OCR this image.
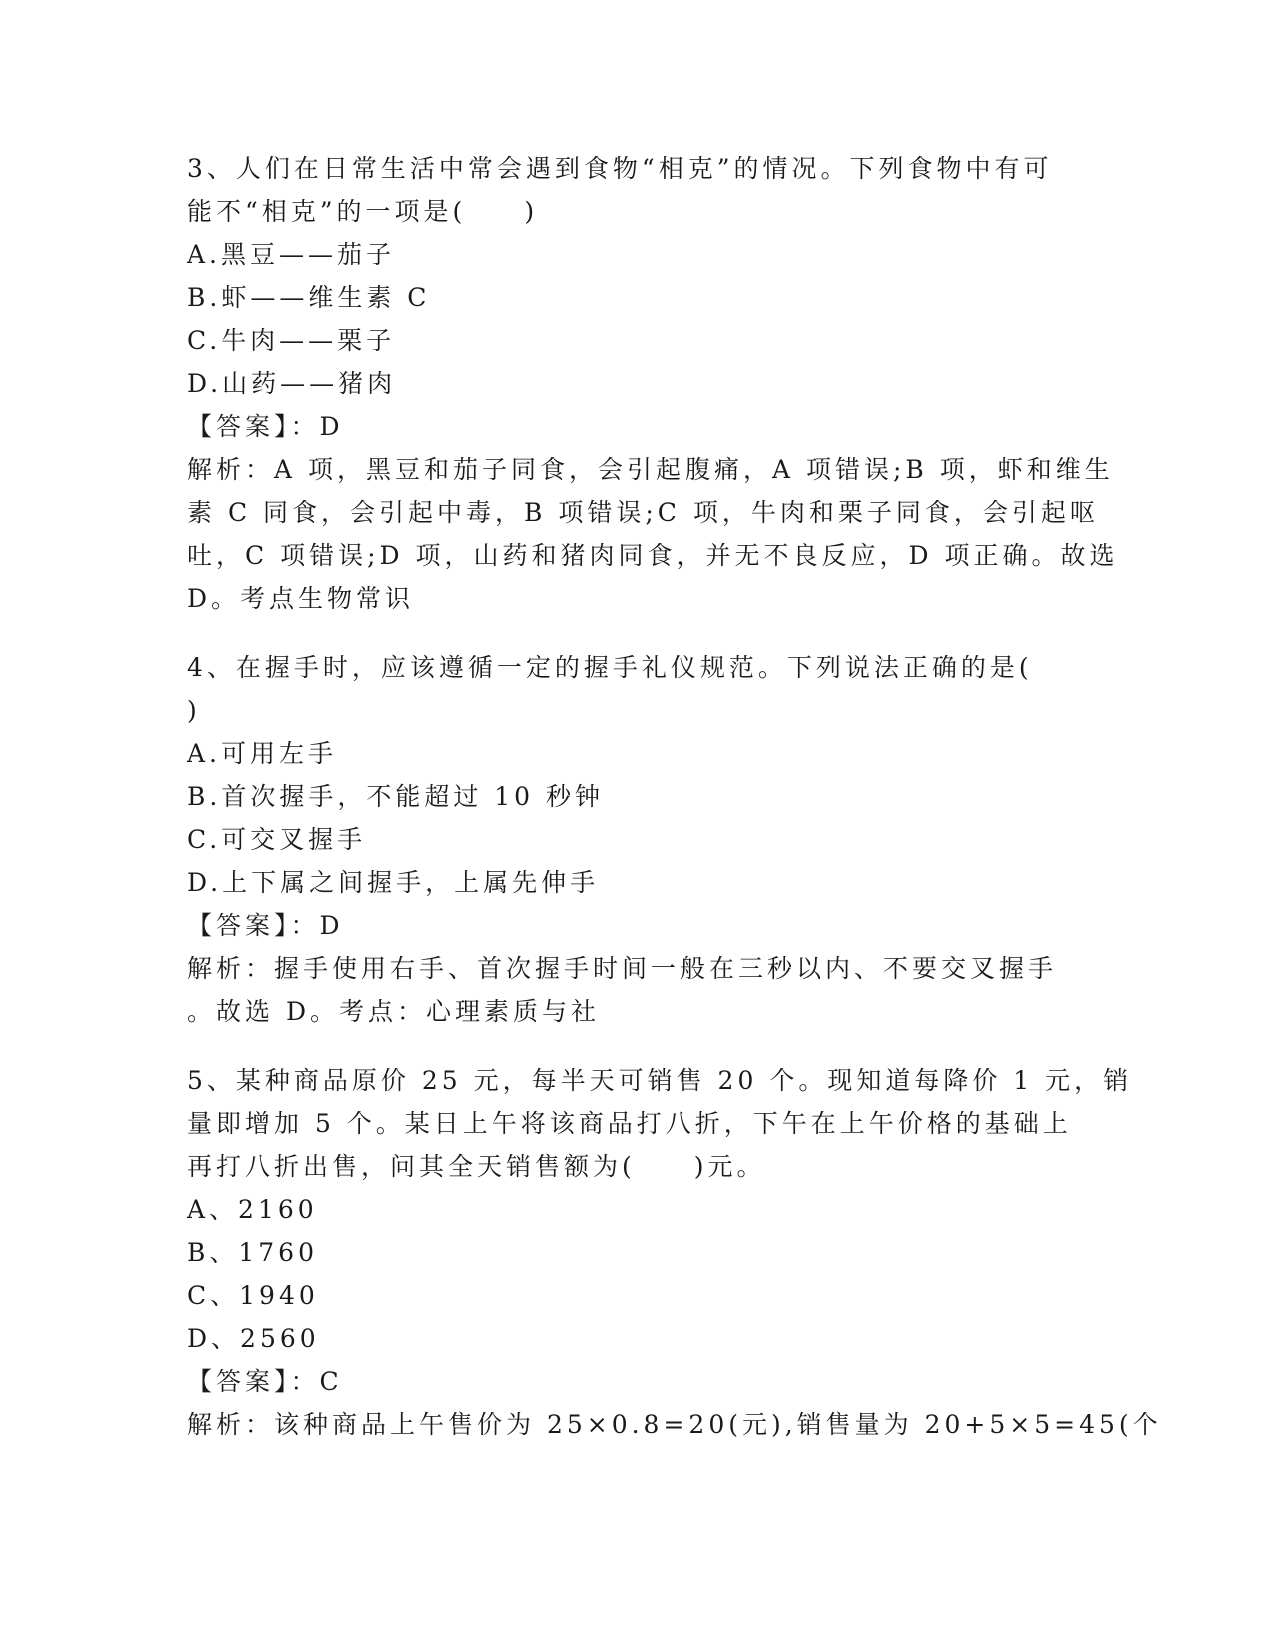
3、人们在日常生活中常会遇到食物“相克”的情况。下列食物中有可
能不“相克”的一项是(　　)
A.黑豆——茄子
B.虾——维生素 C
C.牛肉——栗子
D.山药——猪肉
【答案】：D
解析：A 项，黑豆和茄子同食，会引起腹痛，A 项错误;B 项，虾和维生
素 C 同食，会引起中毒，B 项错误;C 项，牛肉和栗子同食，会引起呕
吐，C 项错误;D 项，山药和猪肉同食，并无不良反应，D 项正确。故选
D。考点生物常识
4、在握手时，应该遵循一定的握手礼仪规范。下列说法正确的是(
)
A.可用左手
B.首次握手，不能超过 10 秒钟
C.可交叉握手
D.上下属之间握手，上属先伸手
【答案】：D
解析：握手使用右手、首次握手时间一般在三秒以内、不要交叉握手
。故选 D。考点：心理素质与社
5、某种商品原价 25 元，每半天可销售 20 个。现知道每降价 1 元，销
量即增加 5 个。某日上午将该商品打八折，下午在上午价格的基础上
再打八折出售，问其全天销售额为(　　)元。
A、2160
B、1760
C、1940
D、2560
【答案】：C
解析：该种商品上午售价为 25×0.8=20(元),销售量为 20+5×5=45(个
